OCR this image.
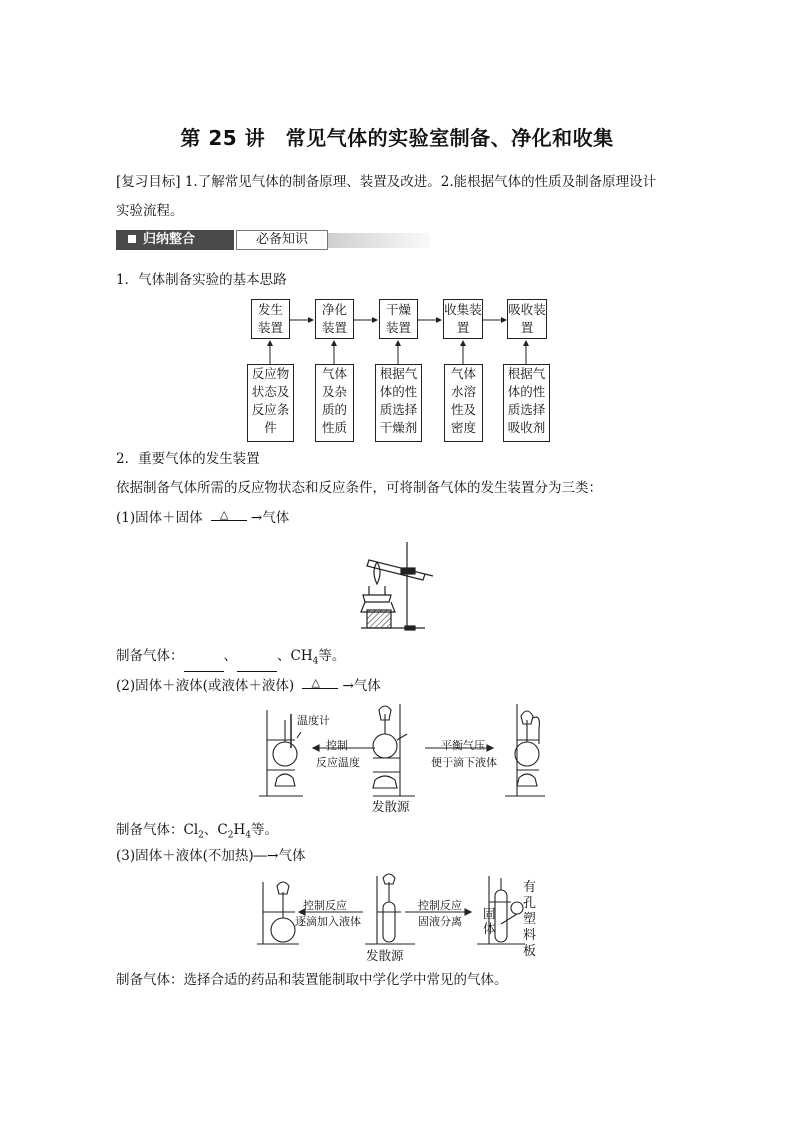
第 25 讲　常见气体的实验室制备、净化和收集
[复习目标] 1.了解常见气体的制备原理、装置及改进。2.能根据气体的性质及制备原理设计
实验流程。
归纳整合	必备知识
1．气体制备实验的基本思路
发生装置
净化装置
干燥装置
收集装置
吸收装置
反应物
状态及
反应条
件
气体
及杂
质的
性质
根据气
体的性
质选择
干燥剂
气体
水溶
性及
密度
根据气
体的性
质选择
吸收剂
2．重要气体的发生装置
依据制备气体所需的反应物状态和反应条件，可将制备气体的发生装置分为三类：
(1)固体＋固体 △ →气体
制备气体：	、	、$CH_4$等。
(2)固体＋液体(或液体＋液体) △ →气体
温度计
控制
反应温度
平衡气压
便于滴下液体
发散源
制备气体：$Cl_2$、$C_2H_4$等。
(3)固体＋液体(不加热)―→气体
控制反应
逐滴加入液体
控制反应
固液分离
固体
有孔塑料板
发散源
制备气体：选择合适的药品和装置能制取中学化学中常见的气体。
